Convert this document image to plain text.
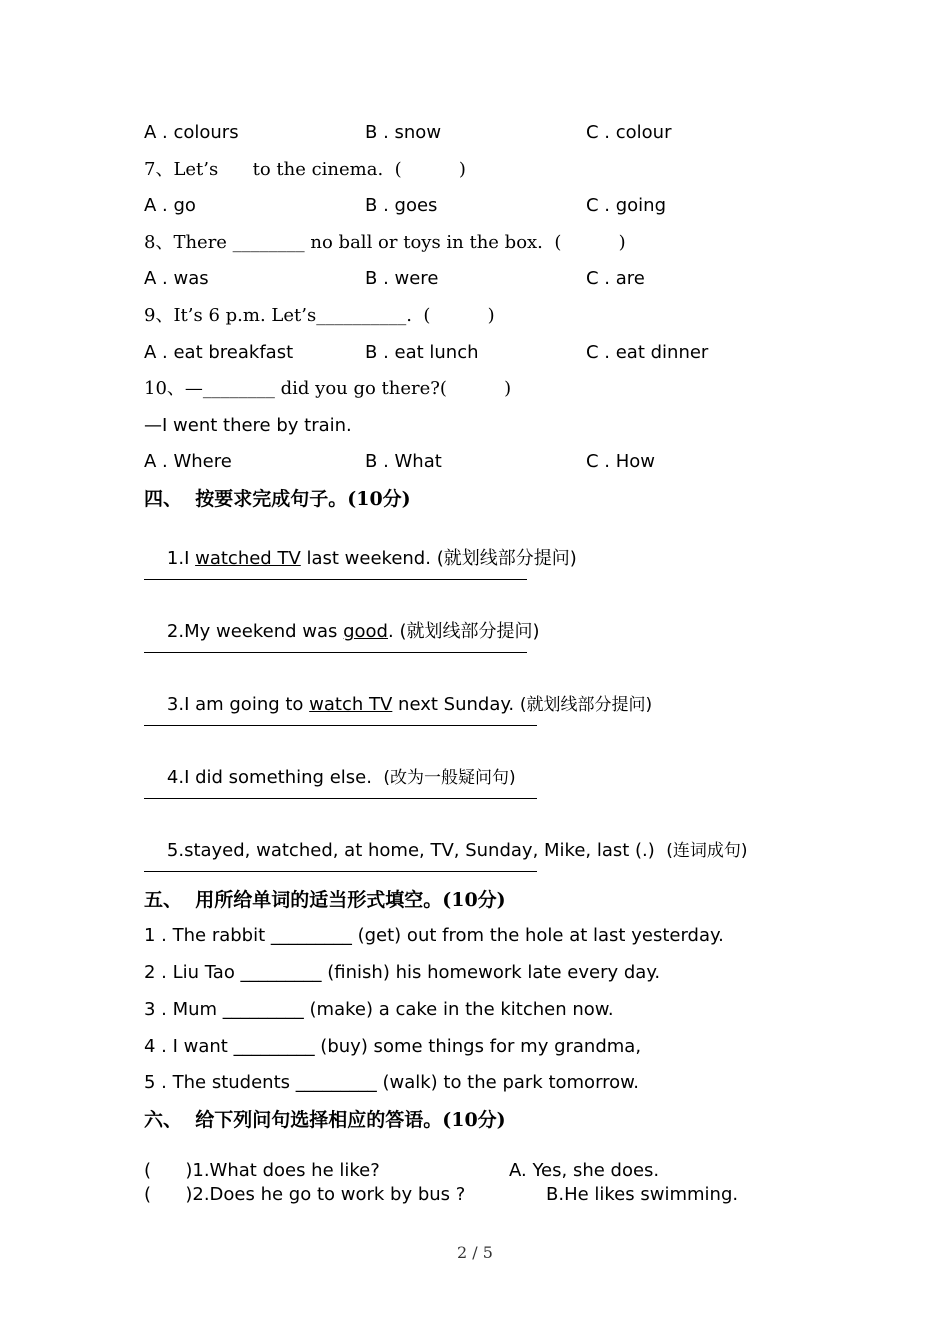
A . colours	B . snow	C . colour
7、Let’s      to the cinema.  (          )
A . go	B . goes	C . going
8、There ________ no ball or toys in the box.  (          )
A . was	B . were	C . are
9、It’s 6 p.m. Let’s__________.  (          )
A . eat breakfast	B . eat lunch	C . eat dinner
10、—________ did you go there?(          )
—I went there by train.
A . Where	B . What	C . How
四、  按要求完成句子。(10分)

1.I watched TV last weekend. (就划线部分提问)

2.My weekend was good. (就划线部分提问)

3.I am going to watch TV next Sunday. (就划线部分提问)

4.I did something else.  (改为一般疑问句)

5.stayed, watched, at home, TV, Sunday, Mike, last (.)  (连词成句)

五、  用所给单词的适当形式填空。(10分)
1 . The rabbit _________ (get) out from the hole at last yesterday.
2 . Liu Tao _________ (finish) his homework late every day.
3 . Mum _________ (make) a cake in the kitchen now.
4 . I want _________ (buy) some things for my grandma,
5 . The students _________ (walk) to the park tomorrow.
六、  给下列问句选择相应的答语。(10分)
(      )1.What does he like?	A. Yes, she does.
(      )2.Does he go to work by bus ?	B.He likes swimming.
2 / 5
